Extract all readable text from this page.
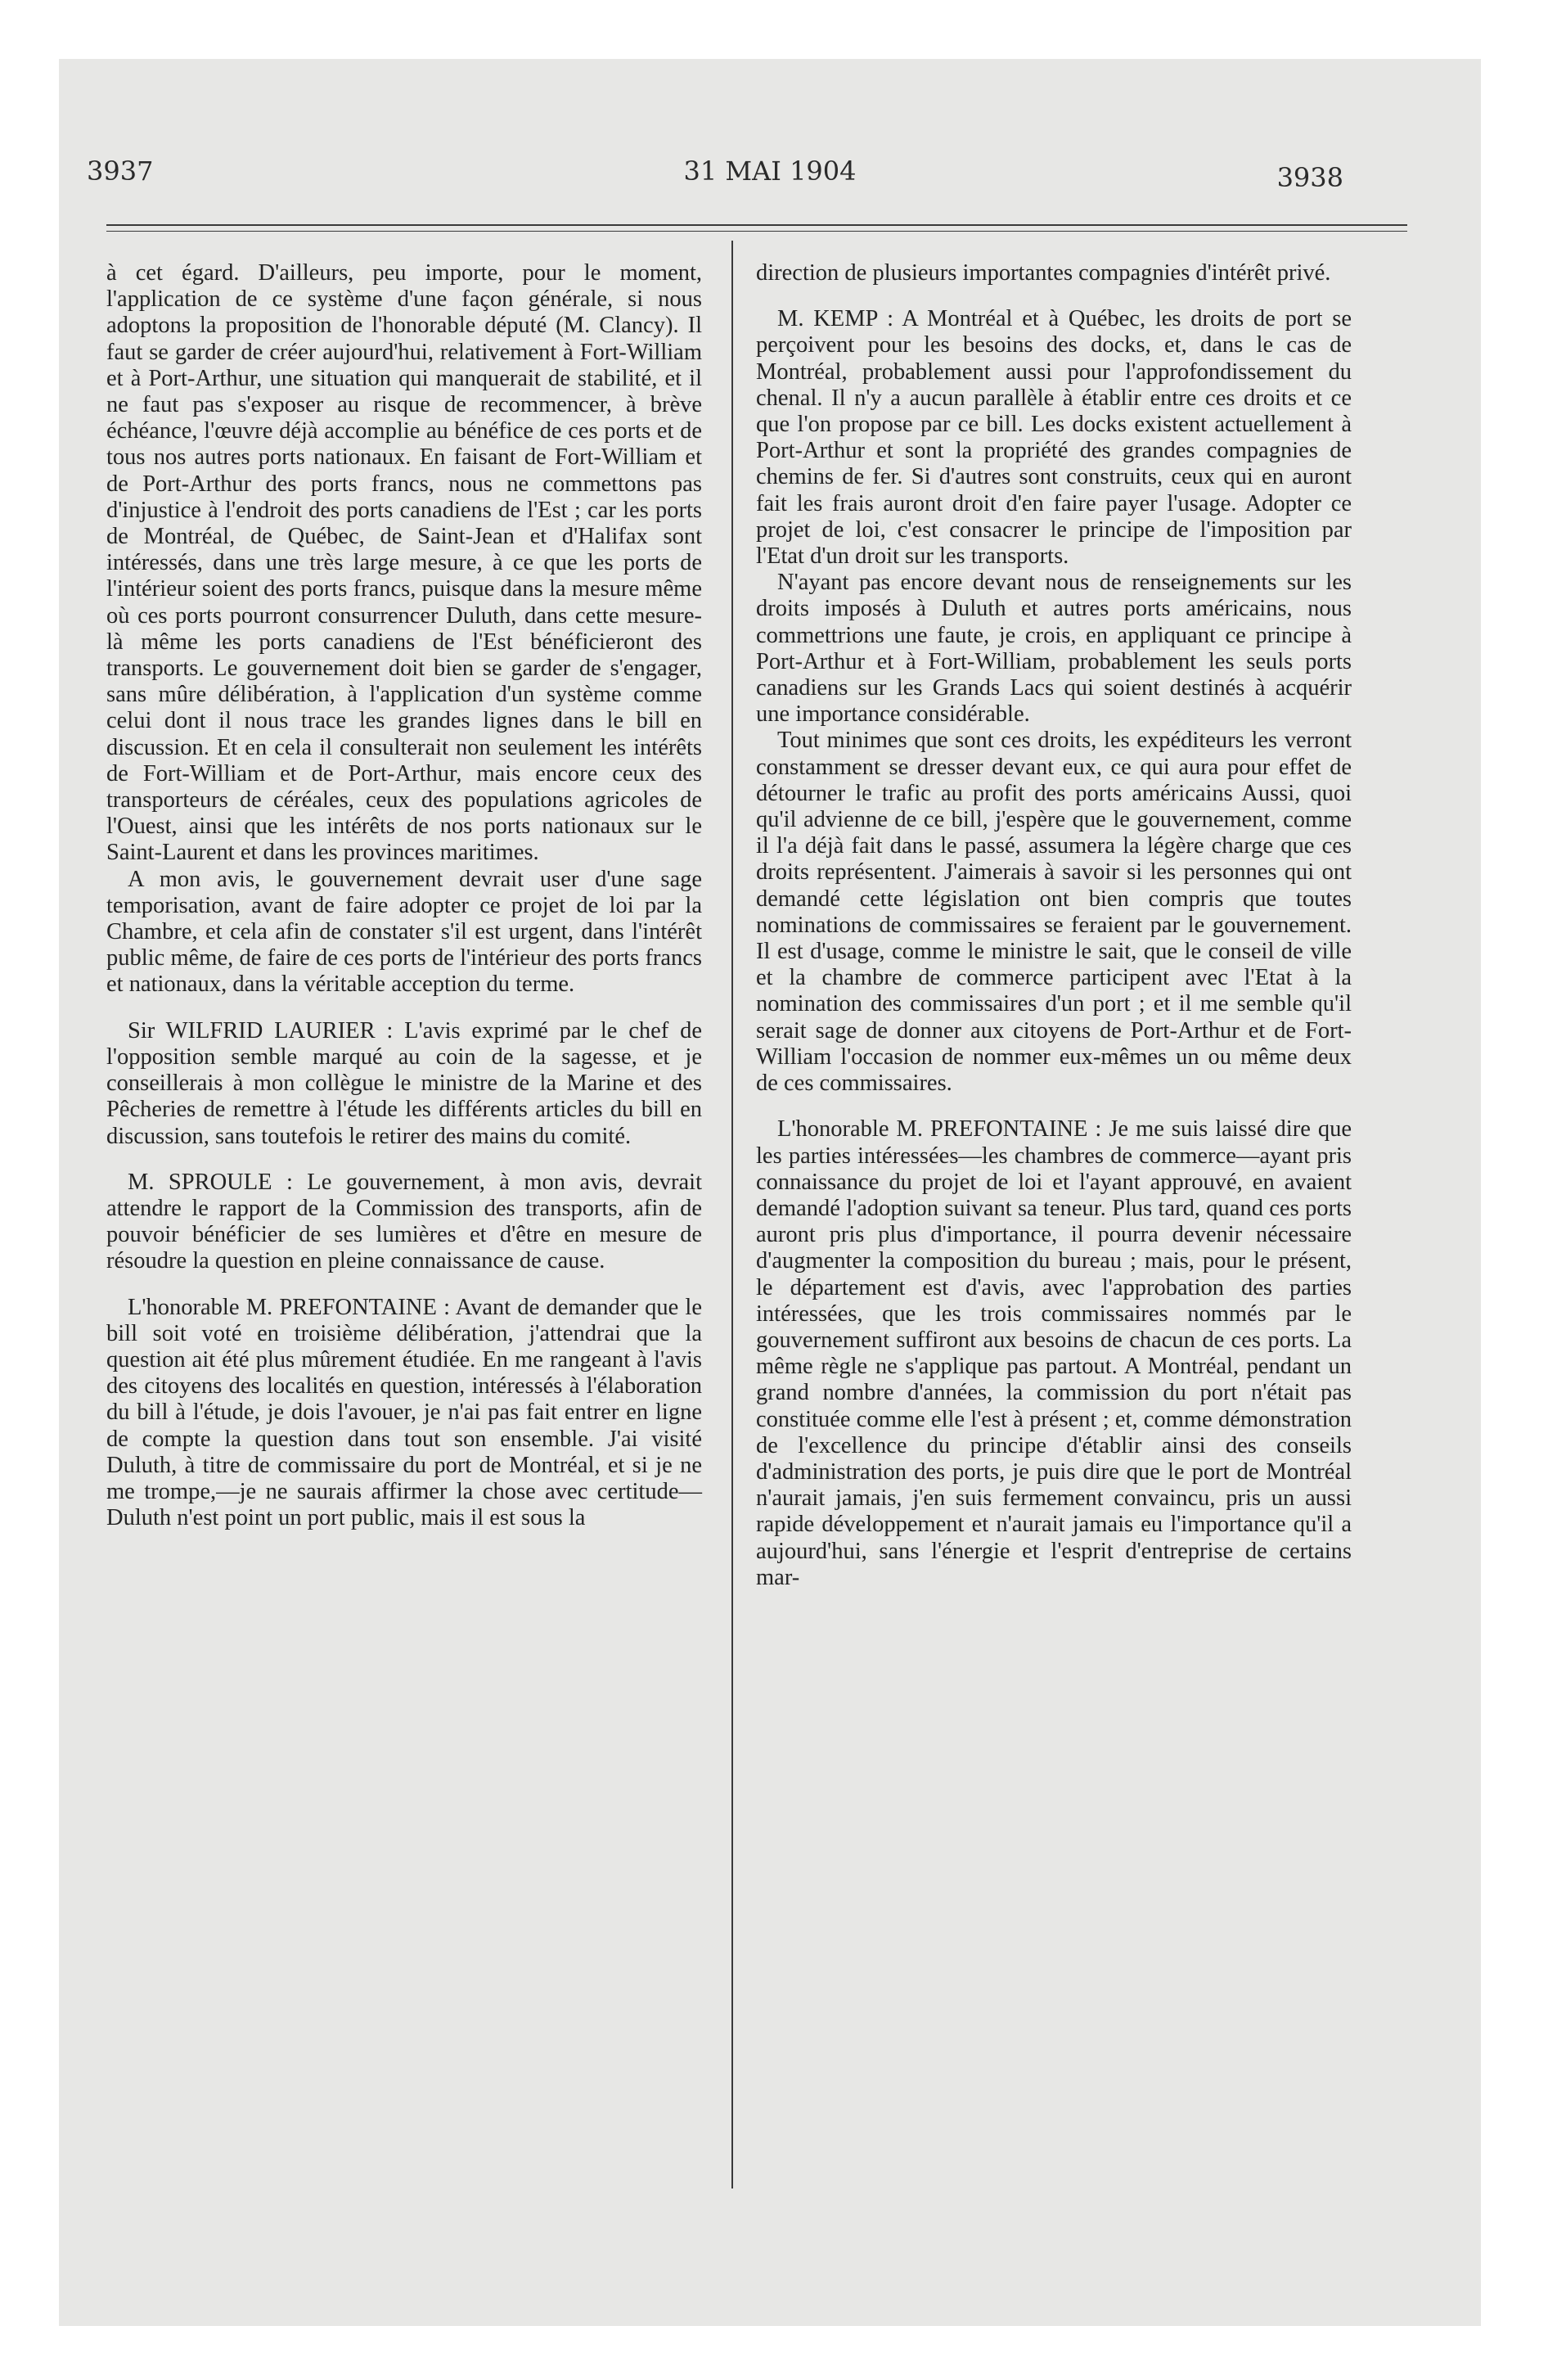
3937	31 MAI 1904	3938

à cet égard. D'ailleurs, peu importe, pour le moment, l'application de ce système d'une façon générale, si nous adoptons la proposition de l'honorable député (M. Clancy). Il faut se garder de créer aujourd'hui, relativement à Fort-William et à Port-Arthur, une situation qui manquerait de stabilité, et il ne faut pas s'exposer au risque de recommencer, à brève échéance, l'œuvre déjà accomplie au bénéfice de ces ports et de tous nos autres ports nationaux. En faisant de Fort-William et de Port-Arthur des ports francs, nous ne commettons pas d'injustice à l'endroit des ports canadiens de l'Est ; car les ports de Montréal, de Québec, de Saint-Jean et d'Halifax sont intéressés, dans une très large mesure, à ce que les ports de l'intérieur soient des ports francs, puisque dans la mesure même où ces ports pourront consurrencer Duluth, dans cette mesure-là même les ports canadiens de l'Est bénéficieront des transports. Le gouvernement doit bien se garder de s'engager, sans mûre délibération, à l'application d'un système comme celui dont il nous trace les grandes lignes dans le bill en discussion. Et en cela il consulterait non seulement les intérêts de Fort-William et de Port-Arthur, mais encore ceux des transporteurs de céréales, ceux des populations agricoles de l'Ouest, ainsi que les intérêts de nos ports nationaux sur le Saint-Laurent et dans les provinces maritimes.

A mon avis, le gouvernement devrait user d'une sage temporisation, avant de faire adopter ce projet de loi par la Chambre, et cela afin de constater s'il est urgent, dans l'intérêt public même, de faire de ces ports de l'intérieur des ports francs et nationaux, dans la véritable acception du terme.

Sir WILFRID LAURIER : L'avis exprimé par le chef de l'opposition semble marqué au coin de la sagesse, et je conseillerais à mon collègue le ministre de la Marine et des Pêcheries de remettre à l'étude les différents articles du bill en discussion, sans toutefois le retirer des mains du comité.

M. SPROULE : Le gouvernement, à mon avis, devrait attendre le rapport de la Commission des transports, afin de pouvoir bénéficier de ses lumières et d'être en mesure de résoudre la question en pleine connaissance de cause.

L'honorable M. PREFONTAINE : Avant de demander que le bill soit voté en troisième délibération, j'attendrai que la question ait été plus mûrement étudiée. En me rangeant à l'avis des citoyens des localités en question, intéressés à l'élaboration du bill à l'étude, je dois l'avouer, je n'ai pas fait entrer en ligne de compte la question dans tout son ensemble. J'ai visité Duluth, à titre de commissaire du port de Montréal, et si je ne me trompe,—je ne saurais affirmer la chose avec certitude—Duluth n'est point un port public, mais il est sous la

direction de plusieurs importantes compagnies d'intérêt privé.

M. KEMP : A Montréal et à Québec, les droits de port se perçoivent pour les besoins des docks, et, dans le cas de Montréal, probablement aussi pour l'approfondissement du chenal. Il n'y a aucun parallèle à établir entre ces droits et ce que l'on propose par ce bill. Les docks existent actuellement à Port-Arthur et sont la propriété des grandes compagnies de chemins de fer. Si d'autres sont construits, ceux qui en auront fait les frais auront droit d'en faire payer l'usage. Adopter ce projet de loi, c'est consacrer le principe de l'imposition par l'Etat d'un droit sur les transports.

N'ayant pas encore devant nous de renseignements sur les droits imposés à Duluth et autres ports américains, nous commettrions une faute, je crois, en appliquant ce principe à Port-Arthur et à Fort-William, probablement les seuls ports canadiens sur les Grands Lacs qui soient destinés à acquérir une importance considérable.

Tout minimes que sont ces droits, les expéditeurs les verront constamment se dresser devant eux, ce qui aura pour effet de détourner le trafic au profit des ports américains Aussi, quoi qu'il advienne de ce bill, j'espère que le gouvernement, comme il l'a déjà fait dans le passé, assumera la légère charge que ces droits représentent. J'aimerais à savoir si les personnes qui ont demandé cette législation ont bien compris que toutes nominations de commissaires se feraient par le gouvernement. Il est d'usage, comme le ministre le sait, que le conseil de ville et la chambre de commerce participent avec l'Etat à la nomination des commissaires d'un port ; et il me semble qu'il serait sage de donner aux citoyens de Port-Arthur et de Fort-William l'occasion de nommer eux-mêmes un ou même deux de ces commissaires.

L'honorable M. PREFONTAINE : Je me suis laissé dire que les parties intéressées—les chambres de commerce—ayant pris connaissance du projet de loi et l'ayant approuvé, en avaient demandé l'adoption suivant sa teneur. Plus tard, quand ces ports auront pris plus d'importance, il pourra devenir nécessaire d'augmenter la composition du bureau ; mais, pour le présent, le département est d'avis, avec l'approbation des parties intéressées, que les trois commissaires nommés par le gouvernement suffiront aux besoins de chacun de ces ports. La même règle ne s'applique pas partout. A Montréal, pendant un grand nombre d'années, la commission du port n'était pas constituée comme elle l'est à présent ; et, comme démonstration de l'excellence du principe d'établir ainsi des conseils d'administration des ports, je puis dire que le port de Montréal n'aurait jamais, j'en suis fermement convaincu, pris un aussi rapide développement et n'aurait jamais eu l'importance qu'il a aujourd'hui, sans l'énergie et l'esprit d'entreprise de certains mar-
